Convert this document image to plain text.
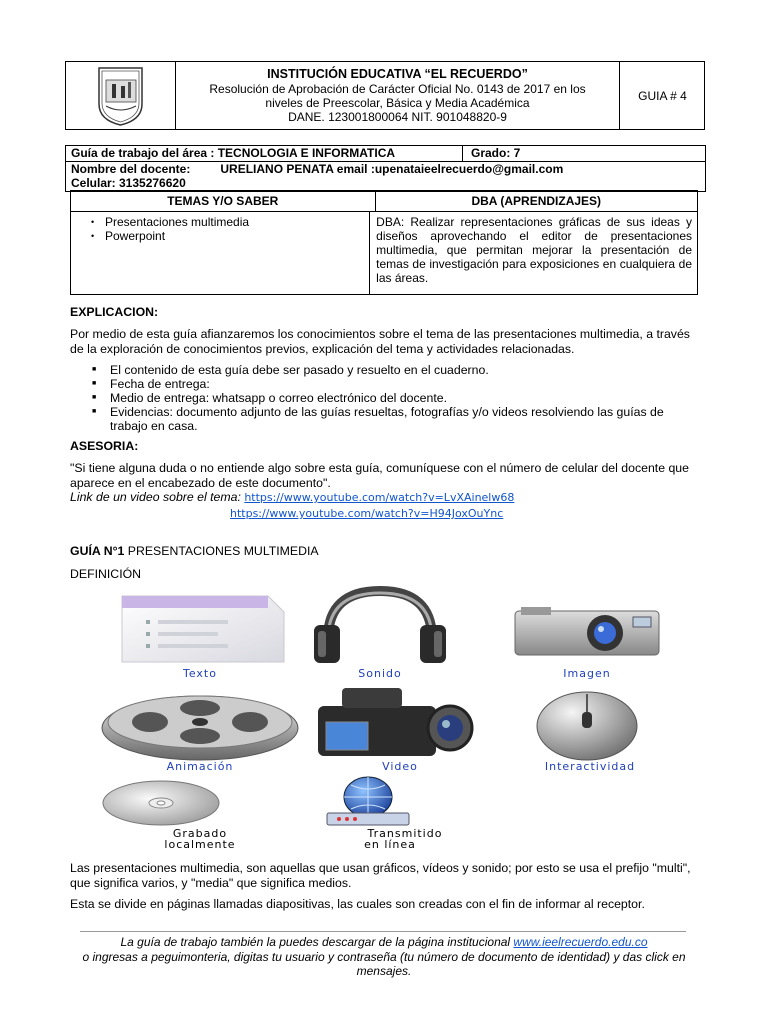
INSTITUCIÓN EDUCATIVA “EL RECUERDO”
Resolución de Aprobación de Carácter Oficial No. 0143 de 2017 en los
niveles de Preescolar, Básica y Media Académica
DANE. 123001800064 NIT. 901048820-9
GUIA # 4
Guía de trabajo del área : TECNOLOGIA E INFORMATICA	Grado: 7
Nombre del docente:	URELIANO PENATA email :upenataieelrecuerdo@gmail.com
Celular: 3135276620
TEMAS Y/O SABER	DBA (APRENDIZAJES)
• Presentaciones multimedia
• Powerpoint
DBA: Realizar representaciones gráficas de sus ideas y diseños aprovechando el editor de presentaciones multimedia, que permitan mejorar la presentación de temas de investigación para exposiciones en cualquiera de las áreas.
EXPLICACION:
Por medio de esta guía afianzaremos los conocimientos sobre el tema de las presentaciones multimedia, a través de la exploración de conocimientos previos, explicación del tema y actividades relacionadas.
■ El contenido de esta guía debe ser pasado y resuelto en el cuaderno.
■ Fecha de entrega:
■ Medio de entrega: whatsapp o correo electrónico del docente.
■ Evidencias: documento adjunto de las guías resueltas, fotografías y/o videos resolviendo las guías de trabajo en casa.
ASESORIA:
"Si tiene alguna duda o no entiende algo sobre esta guía, comuníquese con el número de celular del docente que aparece en el encabezado de este documento".
Link de un video sobre el tema: https://www.youtube.com/watch?v=LvXAinelw68
https://www.youtube.com/watch?v=H94JoxOuYnc
GUÍA N°1 PRESENTACIONES MULTIMEDIA
DEFINICIÓN
Texto	Sonido	Imagen
Animación	Video	Interactividad
Grabado
localmente
Transmitido
en línea
Las presentaciones multimedia, son aquellas que usan gráficos, vídeos y sonido; por esto se usa el prefijo "multi", que significa varios, y "media" que significa medios.
Esta se divide en páginas llamadas diapositivas, las cuales son creadas con el fin de informar al receptor.
La guía de trabajo también la puedes descargar de la página institucional www.ieelrecuerdo.edu.co
o ingresas a peguimonteria, digitas tu usuario y contraseña (tu número de documento de identidad) y das click en mensajes.
